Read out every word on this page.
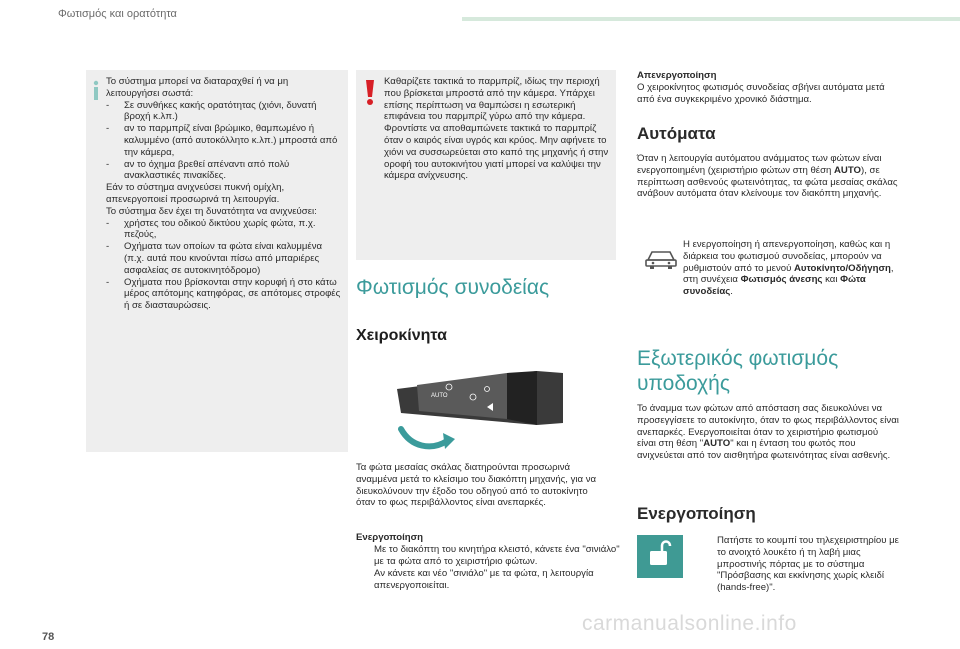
Φωτισμός και ορατότητα

Το σύστημα μπορεί να διαταραχθεί ή να μη

λειτουργήσει σωστά:

- Σε συνθήκες κακής ορατότητας (χιόνι, δυνατή βροχή κ.λπ.)

- αν το παρμπρίζ είναι βρώμικο, θαμπωμένο ή καλυμμένο (από αυτοκόλλητο κ.λπ.) μπροστά από την κάμερα,

- αν το όχημα βρεθεί απέναντι από πολύ ανακλαστικές πινακίδες.

Εάν το σύστημα ανιχνεύσει πυκνή ομίχλη, απενεργοποιεί προσωρινά τη λειτουργία.

Το σύστημα δεν έχει τη δυνατότητα να ανιχνεύσει:

- χρήστες του οδικού δικτύου χωρίς φώτα, π.χ. πεζούς,

- Οχήματα των οποίων τα φώτα είναι καλυμμένα (π.χ. αυτά που κινούνται πίσω από μπαριέρες ασφαλείας σε αυτοκινητόδρομο)

- Οχήματα που βρίσκονται στην κορυφή ή στο κάτω μέρος απότομης κατηφόρας, σε απότομες στροφές ή σε διασταυρώσεις.

Καθαρίζετε τακτικά το παρμπρίζ, ιδίως την περιοχή που βρίσκεται μπροστά από την κάμερα. Υπάρχει επίσης περίπτωση να θαμπώσει η εσωτερική επιφάνεια του παρμπρίζ γύρω από την κάμερα. Φροντίστε να αποθαμπώνετε τακτικά το παρμπρίζ όταν ο καιρός είναι υγρός και κρύος. Μην αφήνετε το χιόνι να συσσωρεύεται στο καπό της μηχανής ή στην οροφή του αυτοκινήτου γιατί μπορεί να καλύψει την κάμερα ανίχνευσης.
Φωτισμός συνοδείας
Χειροκίνητα
AUTO
Τα φώτα μεσαίας σκάλας διατηρούνται προσωρινά αναμμένα μετά το κλείσιμο του διακόπτη μηχανής, για να διευκολύνουν την έξοδο του οδηγού από το αυτοκίνητο όταν το φως περιβάλλοντος είναι ανεπαρκές.
Ενεργοποίηση
Με το διακόπτη του κινητήρα κλειστό, κάνετε ένα "σινιάλο" με τα φώτα από το χειριστήριο φώτων.
Αν κάνετε και νέο "σινιάλο" με τα φώτα, η λειτουργία απενεργοποιείται.
Απενεργοποίηση
Ο χειροκίνητος φωτισμός συνοδείας σβήνει αυτόματα μετά από ένα συγκεκριμένο χρονικό διάστημα.
Αυτόματα
Όταν η λειτουργία αυτόματου ανάμματος των φώτων είναι ενεργοποιημένη (χειριστήριο φώτων στη θέση AUTO), σε περίπτωση ασθενούς φωτεινότητας, τα φώτα μεσαίας σκάλας ανάβουν αυτόματα όταν κλείνουμε τον διακόπτη μηχανής.
Η ενεργοποίηση ή απενεργοποίηση, καθώς και η διάρκεια του φωτισμού συνοδείας, μπορούν να ρυθμιστούν από το μενού Αυτοκίνητο/Οδήγηση, στη συνέχεια Φωτισμός άνεσης και Φώτα συνοδείας.
Εξωτερικός φωτισμός
υποδοχής
Το άναμμα των φώτων από απόσταση σας διευκολύνει να προσεγγίσετε το αυτοκίνητο, όταν το φως περιβάλλοντος είναι ανεπαρκές. Ενεργοποιείται όταν το χειριστήριο φωτισμού είναι στη θέση "AUTO" και η ένταση του φωτός που ανιχνεύεται από τον αισθητήρα φωτεινότητας είναι ασθενής.
Ενεργοποίηση
Πατήστε το κουμπί του τηλεχειριστηρίου με το ανοιχτό λουκέτο ή τη λαβή μιας μπροστινής πόρτας με το σύστημα "Πρόσβασης και εκκίνησης χωρίς κλειδί (hands-free)".
78
carmanualsonline.info
